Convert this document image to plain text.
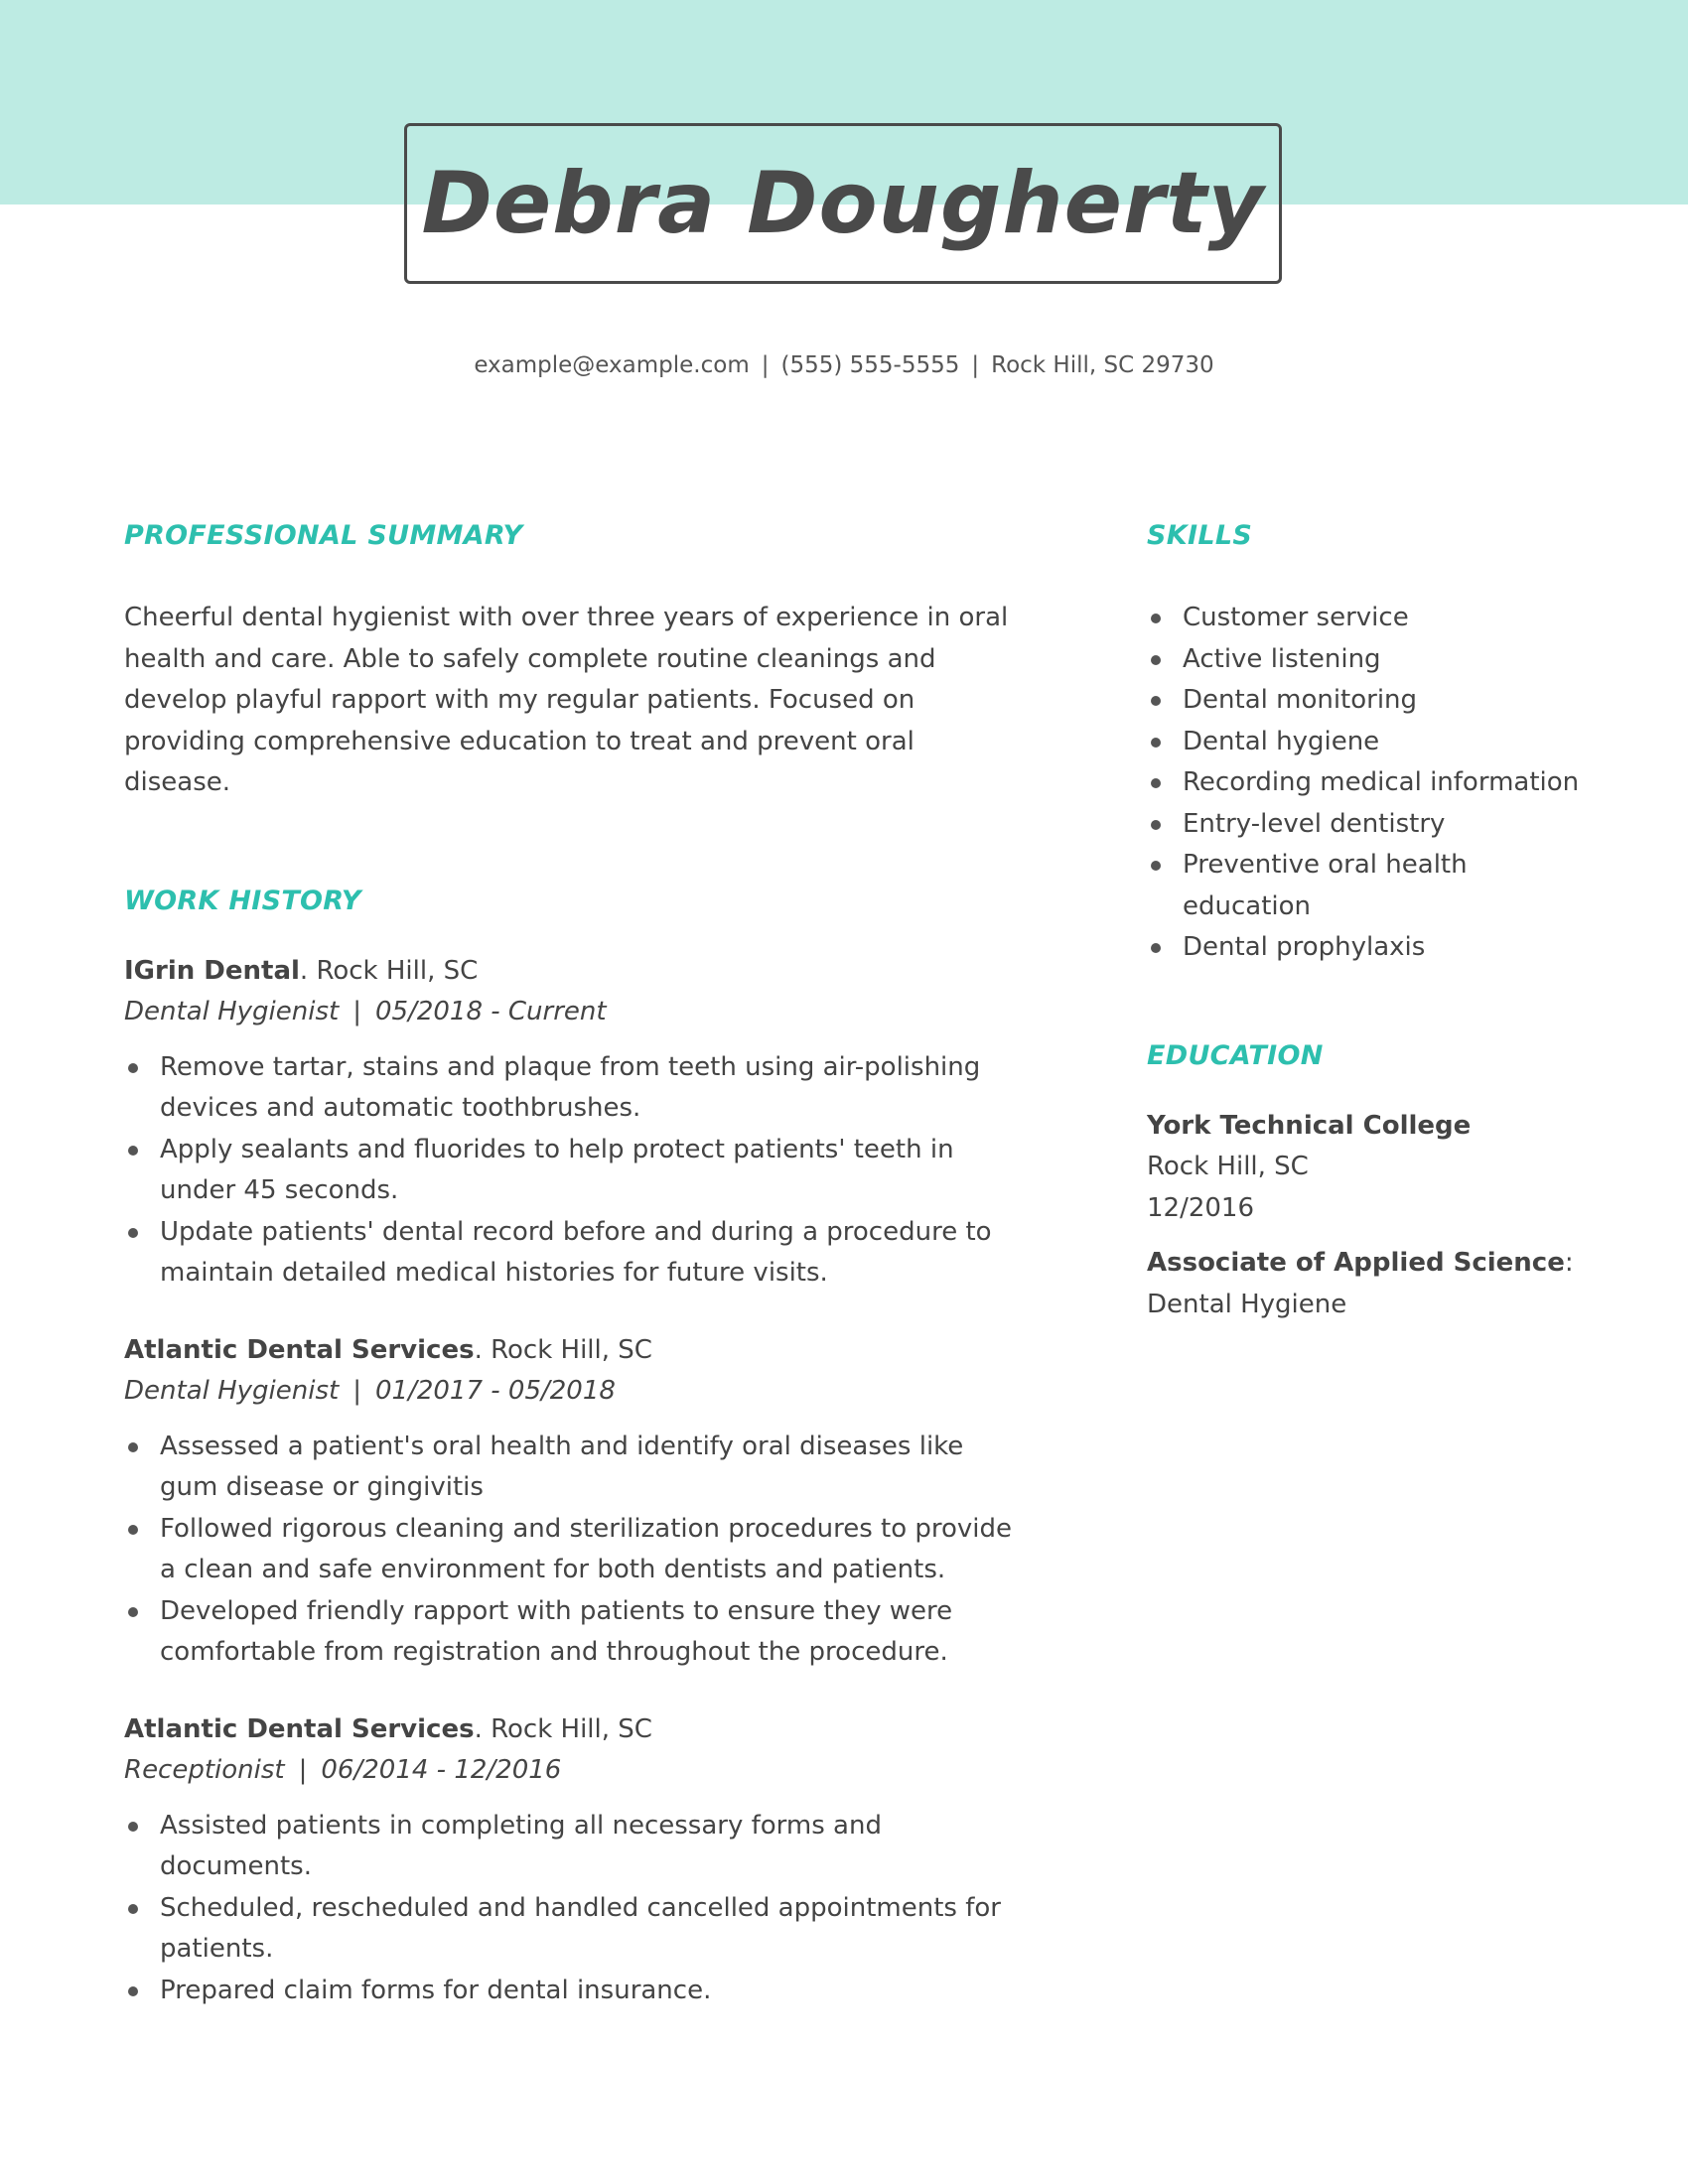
Debra Dougherty
example@example.com | (555) 555-5555 | Rock Hill, SC 29730
PROFESSIONAL SUMMARY

Cheerful dental hygienist with over three years of experience in oral health and care. Able to safely complete routine cleanings and develop playful rapport with my regular patients. Focused on providing comprehensive education to treat and prevent oral disease.

WORK HISTORY
IGrin Dental. Rock Hill, SC
Dental Hygienist | 05/2018 - Current
Remove tartar, stains and plaque from teeth using air-polishing devices and automatic toothbrushes.
Apply sealants and fluorides to help protect patients' teeth in under 45 seconds.
Update patients' dental record before and during a procedure to maintain detailed medical histories for future visits.
Atlantic Dental Services. Rock Hill, SC
Dental Hygienist | 01/2017 - 05/2018
Assessed a patient's oral health and identify oral diseases like gum disease or gingivitis
Followed rigorous cleaning and sterilization procedures to provide a clean and safe environment for both dentists and patients.
Developed friendly rapport with patients to ensure they were comfortable from registration and throughout the procedure.
Atlantic Dental Services. Rock Hill, SC
Receptionist | 06/2014 - 12/2016
Assisted patients in completing all necessary forms and documents.
Scheduled, rescheduled and handled cancelled appointments for patients.
Prepared claim forms for dental insurance.
SKILLS
Customer service
Active listening
Dental monitoring
Dental hygiene
Recording medical information
Entry-level dentistry
Preventive oral health education
Dental prophylaxis
EDUCATION
York Technical College
Rock Hill, SC
12/2016
Associate of Applied Science:
Dental Hygiene
